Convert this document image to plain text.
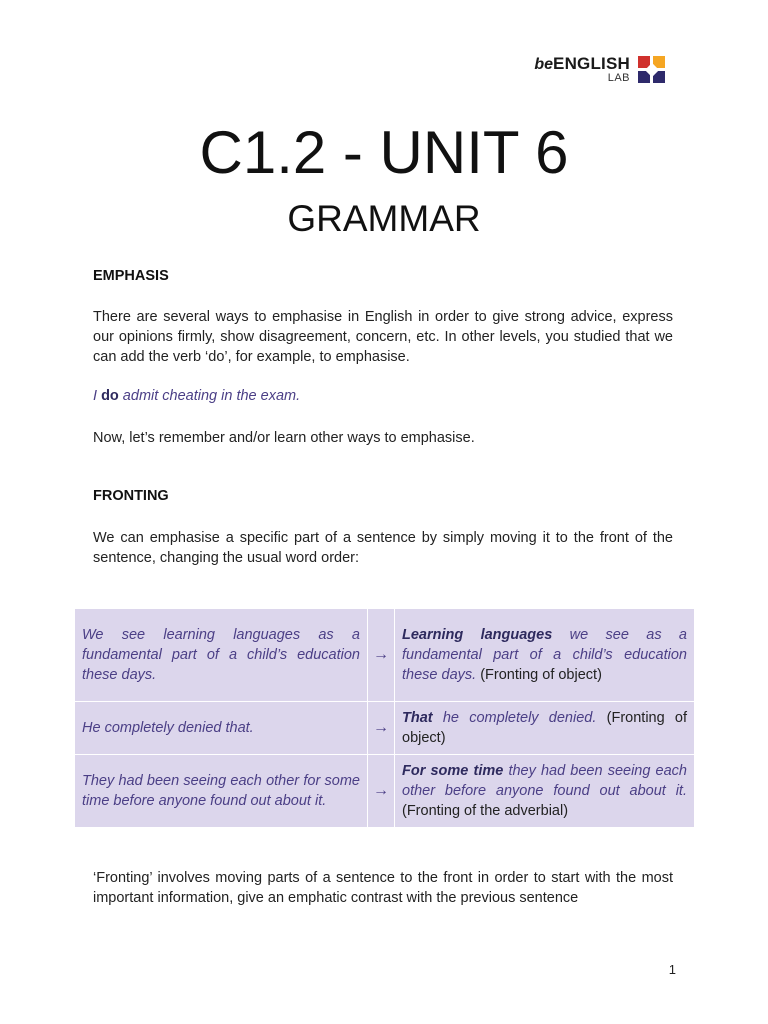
beENGLISH
LAB
C1.2 - UNIT 6
GRAMMAR
EMPHASIS
There are several ways to emphasise in English in order to give strong advice, express our opinions firmly, show disagreement, concern, etc. In other levels, you studied that we can add the verb ‘do’, for example, to emphasise.
I do admit cheating in the exam.
Now, let’s remember and/or learn other ways to emphasise.
FRONTING
We can emphasise a specific part of a sentence by simply moving it to the front of the sentence, changing the usual word order:
We see learning languages as a fundamental part of a child’s education these days.	→	Learning languages we see as a fundamental part of a child’s education these days. (Fronting of object)
He completely denied that.	→	That he completely denied. (Fronting of object)
They had been seeing each other for some time before anyone found out about it.	→	For some time they had been seeing each other before anyone found out about it. (Fronting of the adverbial)
‘Fronting’ involves moving parts of a sentence to the front in order to start with the most important information, give an emphatic contrast with the previous sentence
1
